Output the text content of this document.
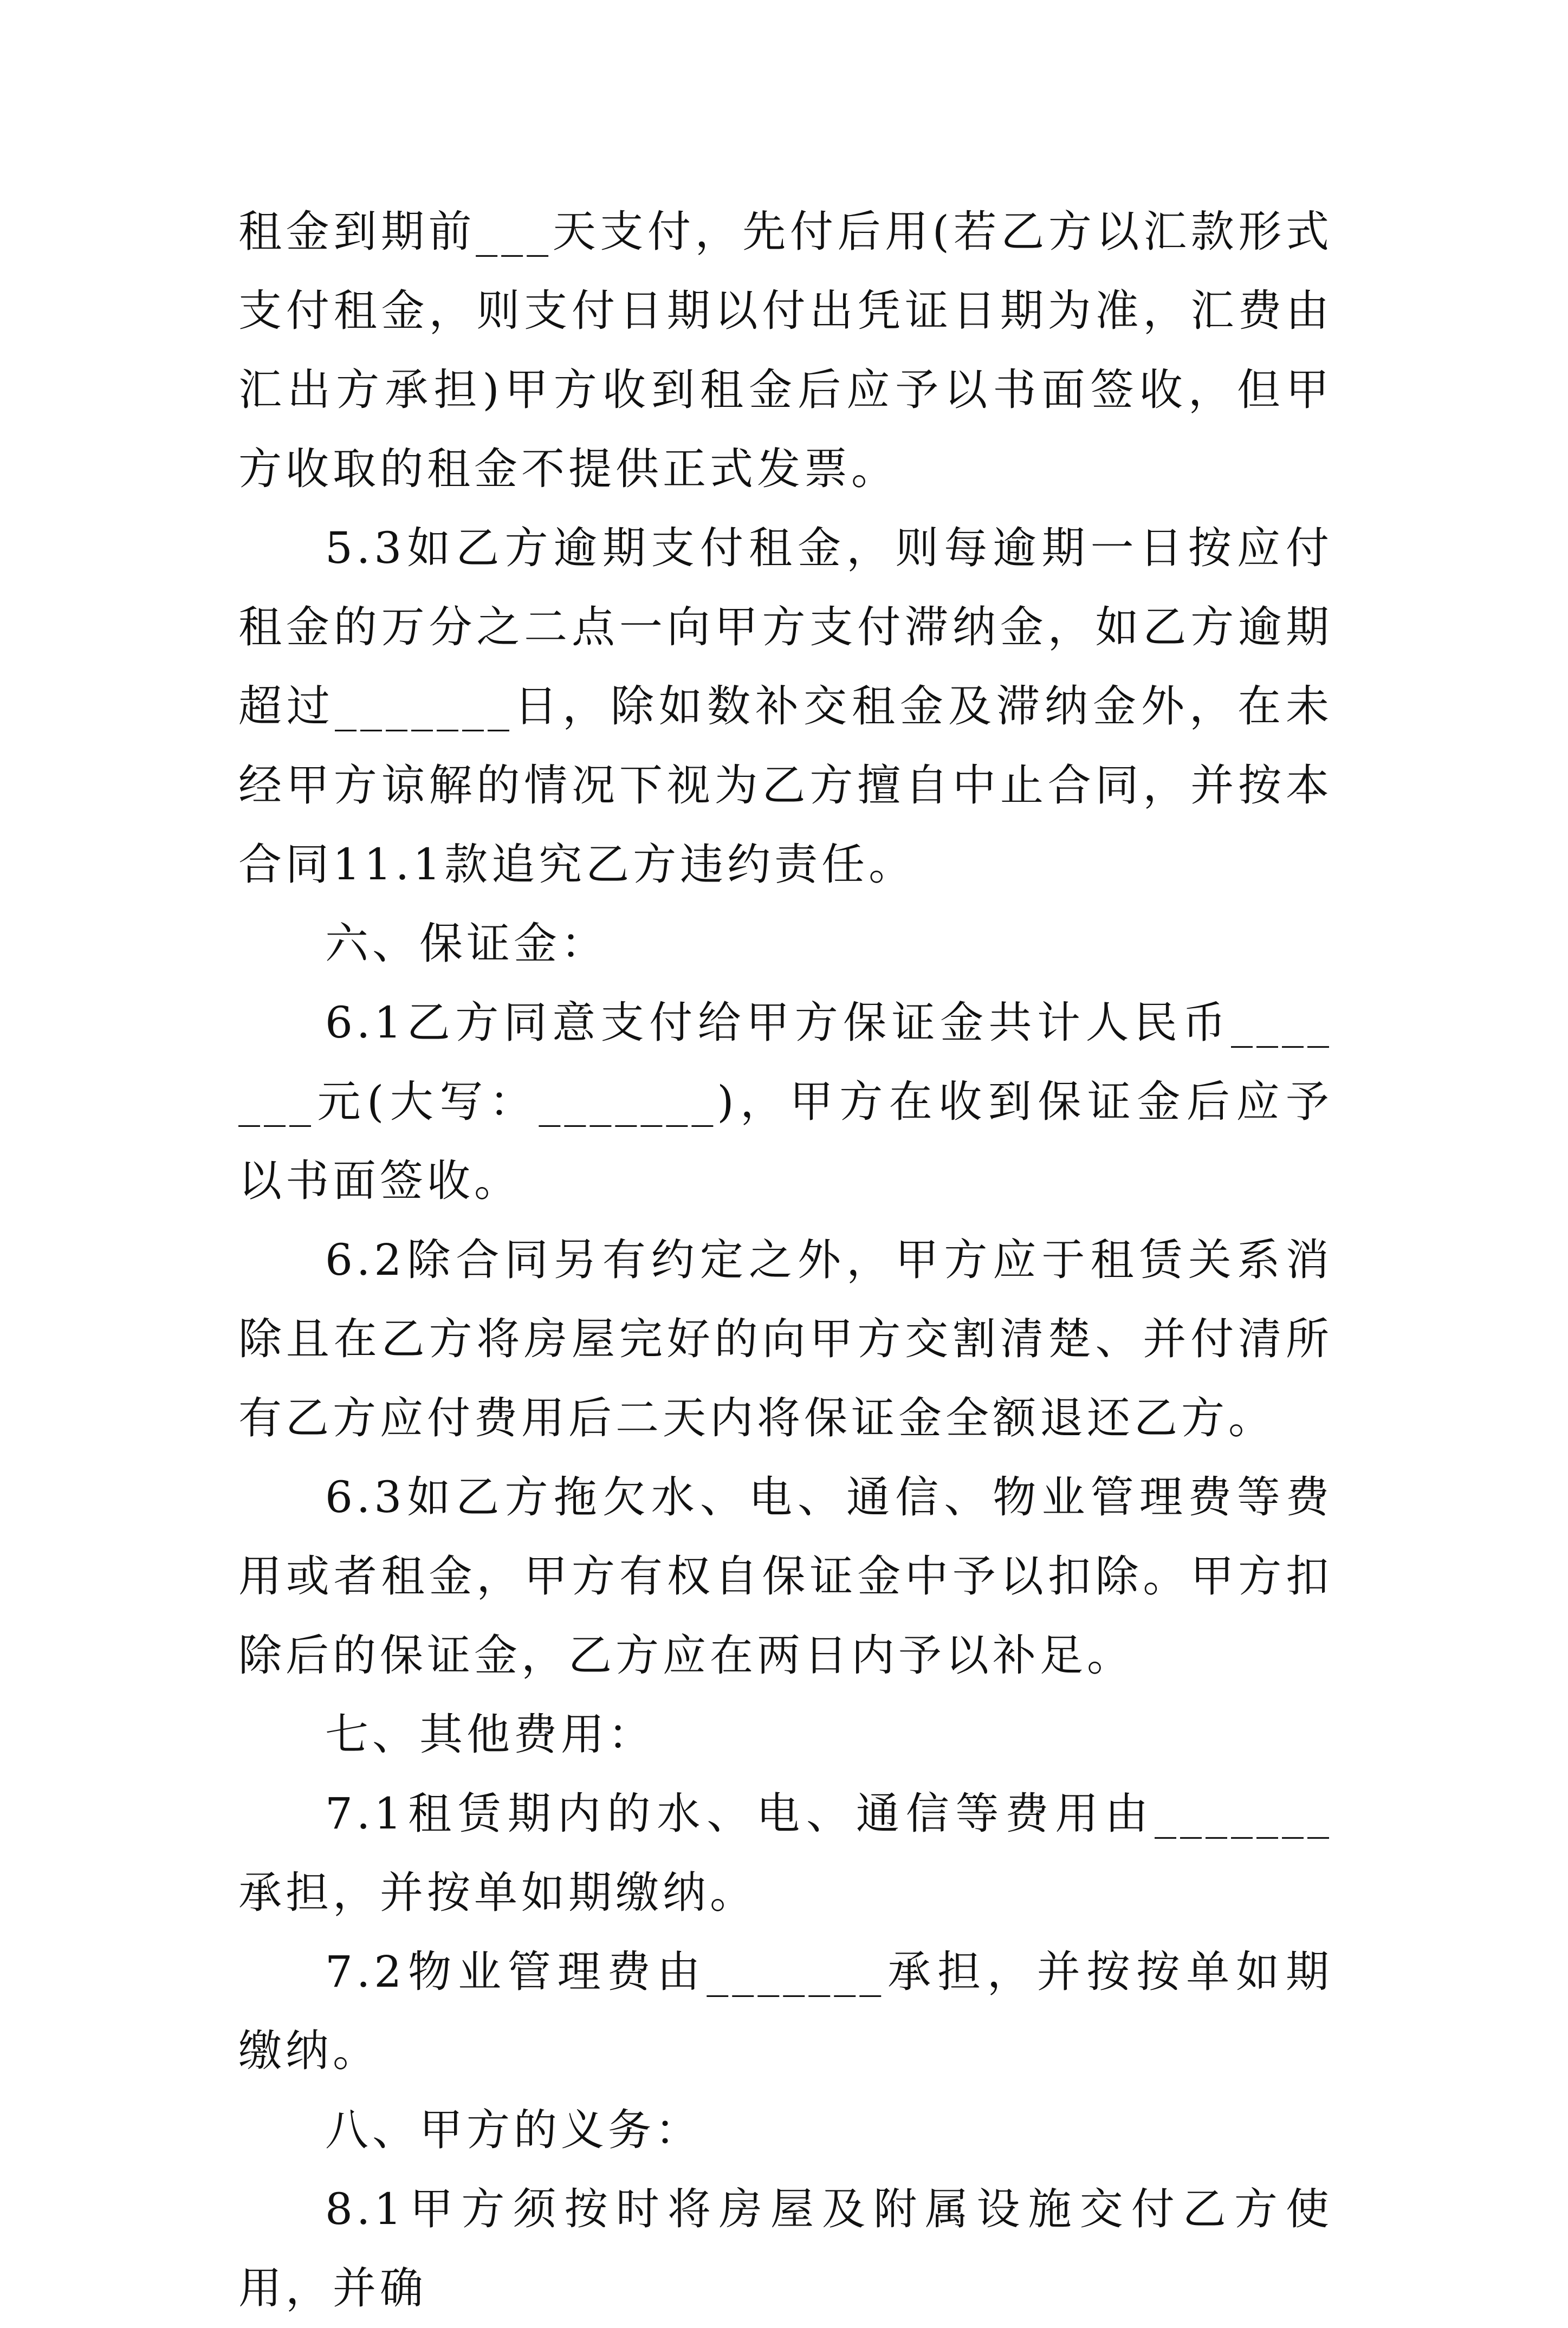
租金到期前___天支付，先付后用(若乙方以汇款形式支付租金，则支付日期以付出凭证日期为准，汇费由汇出方承担)甲方收到租金后应予以书面签收，但甲方收取的租金不提供正式发票。

5.3如乙方逾期支付租金，则每逾期一日按应付租金的万分之二点一向甲方支付滞纳金，如乙方逾期超过_______日，除如数补交租金及滞纳金外，在未经甲方谅解的情况下视为乙方擅自中止合同，并按本合同11.1款追究乙方违约责任。

六、保证金：

6.1乙方同意支付给甲方保证金共计人民币_______元(大写：_______)，甲方在收到保证金后应予以书面签收。

6.2除合同另有约定之外，甲方应于租赁关系消除且在乙方将房屋完好的向甲方交割清楚、并付清所有乙方应付费用后二天内将保证金全额退还乙方。

6.3如乙方拖欠水、电、通信、物业管理费等费用或者租金，甲方有权自保证金中予以扣除。甲方扣除后的保证金，乙方应在两日内予以补足。

七、其他费用：

7.1租赁期内的水、电、通信等费用由_______承担，并按单如期缴纳。

7.2物业管理费由_______承担，并按按单如期缴纳。

八、甲方的义务：

8.1甲方须按时将房屋及附属设施交付乙方使用，并确
